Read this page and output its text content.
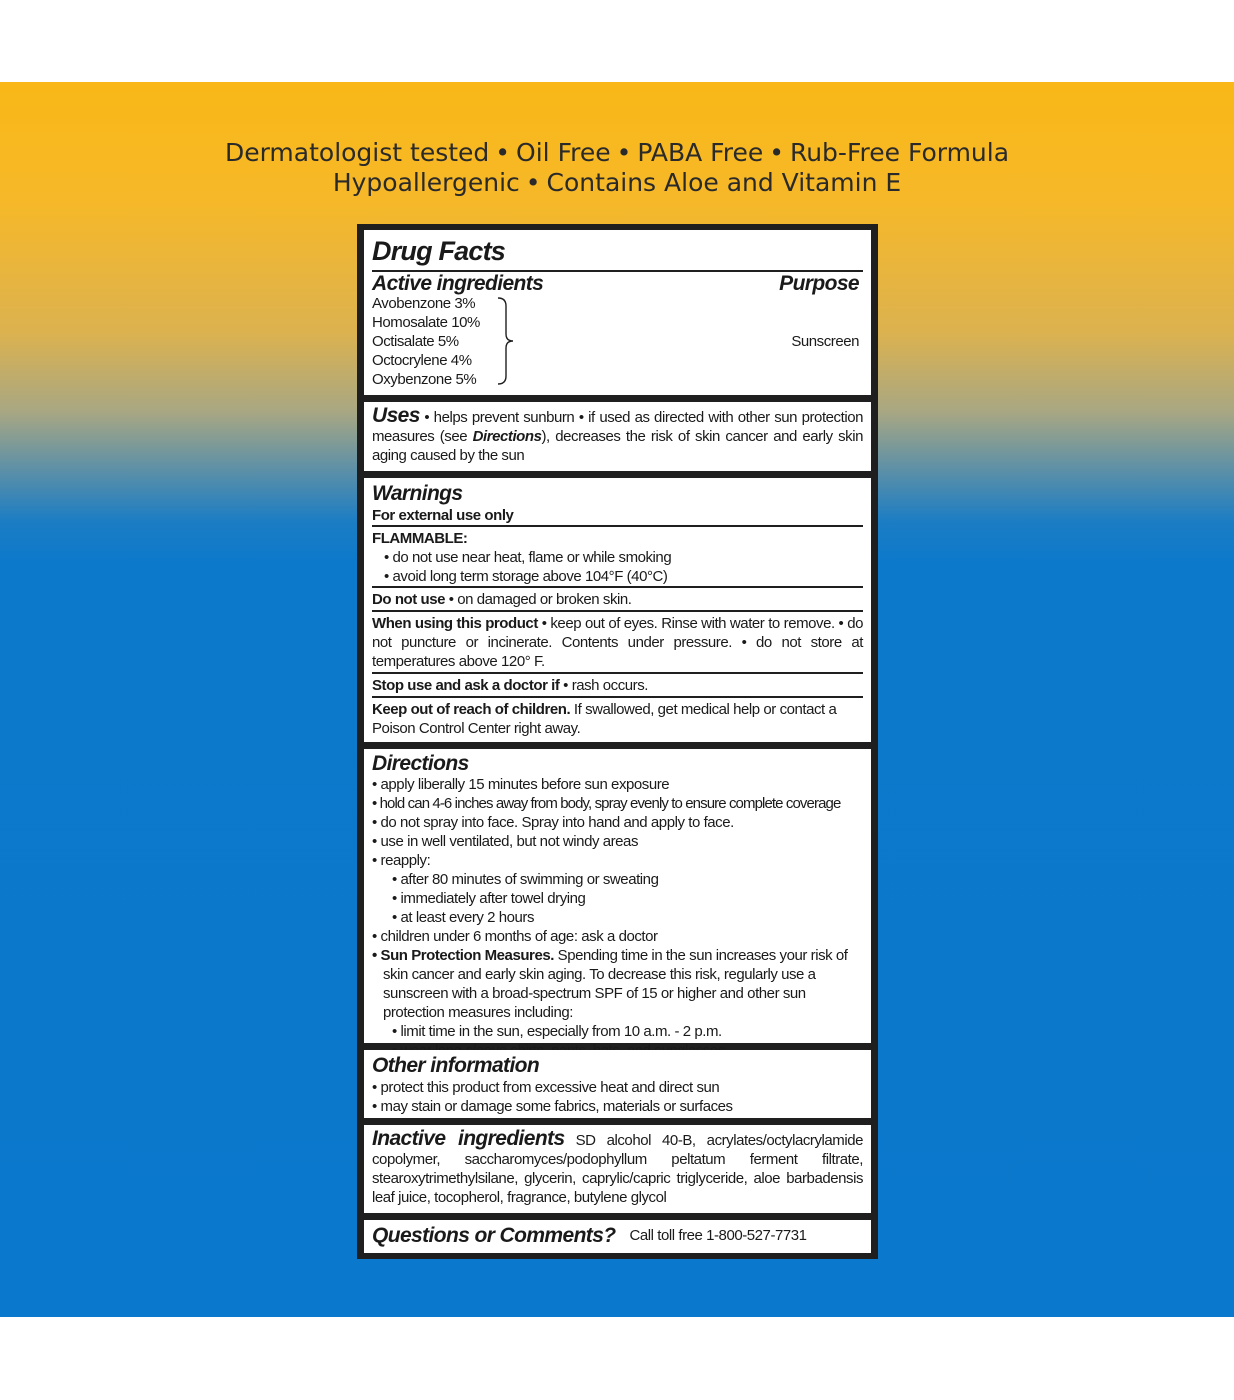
Dermatologist tested • Oil Free • PABA Free • Rub-Free Formula
Hypoallergenic • Contains Aloe and Vitamin E
Drug Facts
Active ingredients	Purpose
Avobenzone 3%
Homosalate 10%
Octisalate 5%
Octocrylene 4%
Oxybenzone 5%
Sunscreen
Uses • helps prevent sunburn • if used as directed with other sun protection measures (see Directions), decreases the risk of skin cancer and early skin aging caused by the sun
Warnings
For external use only
FLAMMABLE:
• do not use near heat, flame or while smoking
• avoid long term storage above 104°F (40°C)
Do not use • on damaged or broken skin.
When using this product • keep out of eyes. Rinse with water to remove. • do not puncture or incinerate. Contents under pressure. • do not store at temperatures above 120° F.
Stop use and ask a doctor if • rash occurs.
Keep out of reach of children. If swallowed, get medical help or contact a Poison Control Center right away.
Directions
• apply liberally 15 minutes before sun exposure
• hold can 4-6 inches away from body, spray evenly to ensure complete coverage
• do not spray into face. Spray into hand and apply to face.
• use in well ventilated, but not windy areas
• reapply:
• after 80 minutes of swimming or sweating
• immediately after towel drying
• at least every 2 hours
• children under 6 months of age: ask a doctor
• Sun Protection Measures. Spending time in the sun increases your risk of skin cancer and early skin aging. To decrease this risk, regularly use a sunscreen with a broad-spectrum SPF of 15 or higher and other sun protection measures including:
• limit time in the sun, especially from 10 a.m. - 2 p.m.
Other information
• protect this product from excessive heat and direct sun
• may stain or damage some fabrics, materials or surfaces
Inactive ingredients SD alcohol 40-B, acrylates/octylacrylamide copolymer, saccharomyces/podophyllum peltatum ferment filtrate, stearoxytrimethylsilane, glycerin, caprylic/capric triglyceride, aloe barbadensis leaf juice, tocopherol, fragrance, butylene glycol
Questions or Comments? Call toll free 1-800-527-7731
